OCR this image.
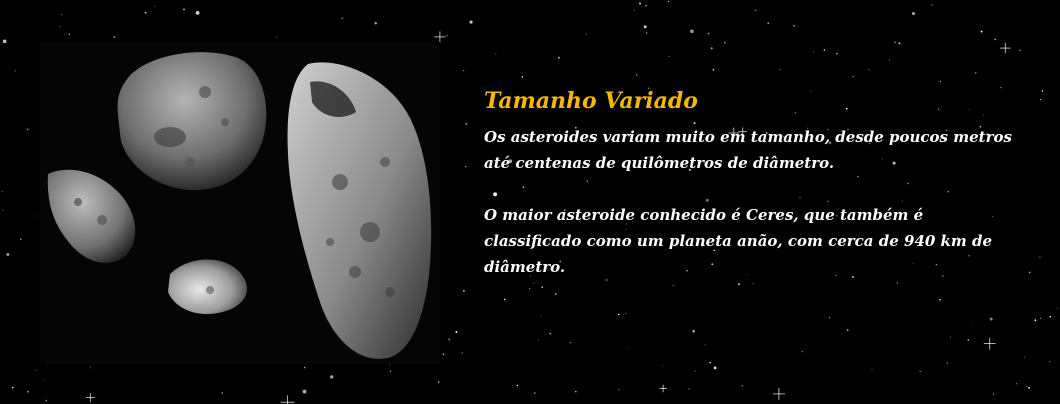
Tamanho Variado

Os asteroides variam muito em tamanho, desde poucos metros até centenas de quilômetros de diâmetro.

O maior asteroide conhecido é Ceres, que também é classificado como um planeta anão, com cerca de 940 km de diâmetro.
